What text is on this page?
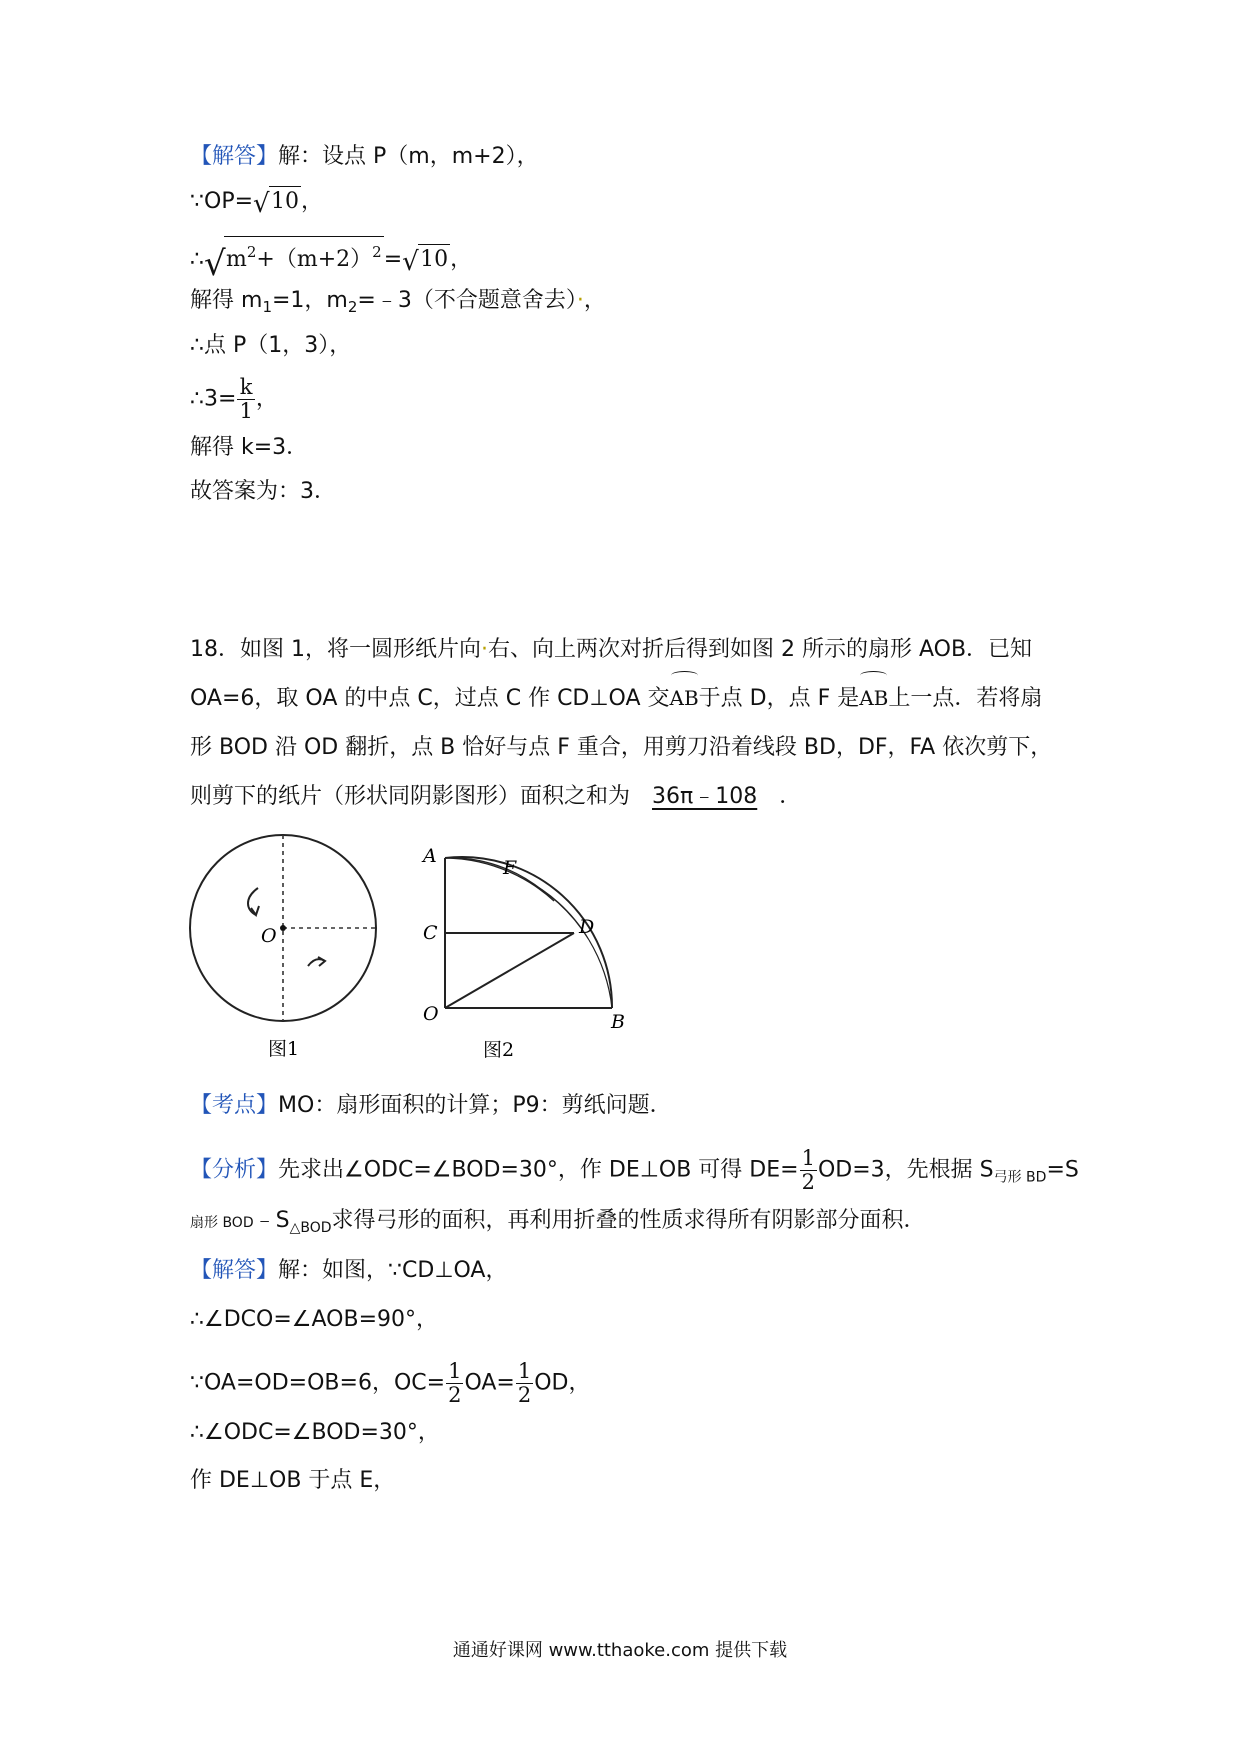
【解答】解：设点 P（m，m+2），
∵OP= √ 10，
∴ √ $m^2+(m+2)^2=$ √ 10，
解得 $m_1=1$，$m_2=﹣3$（不合题意舍去）·，
∴点 P（1，3），
∴3= $\frac{k}{1}$ ，
解得 k=3．
故答案为：3．
18．如图 1，将一圆形纸片向·右、向上两次对折后得到如图 2 所示的扇形 AOB．已知 OA=6，取 OA 的中点 C，过点 C 作 CD⊥OA 交AB于点 D，点 F 是AB上一点．若将扇形 BOD 沿 OD 翻折，点 B 恰好与点 F 重合，用剪刀沿着线段 BD，DF，FA 依次剪下，则剪下的纸片（形状同阴影图形）面积之和为 36π﹣108 ．
O
图1
A
F
C	D
O	B
图2
【考点】MO：扇形面积的计算；P9：剪纸问题．
【分析】先求出∠ODC=∠BOD=30°，作 DE⊥OB 可得 $DE= \frac{1}{2} OD=3$，先根据 $S_{弓形 BD}=S$
扇形 $BOD﹣S_{\triangle BOD}$求得弓形的面积，再利用折叠的性质求得所有阴影部分面积．
【解答】解：如图，∵CD⊥OA，
∴∠DCO=∠AOB=90°，
∵OA=OD=OB=6，$OC= \frac{1}{2} OA= \frac{1}{2}$ OD，
∴∠ODC=∠BOD=30°，
作 DE⊥OB 于点 E，
通通好课网 www.tthaoke.com 提供下载
